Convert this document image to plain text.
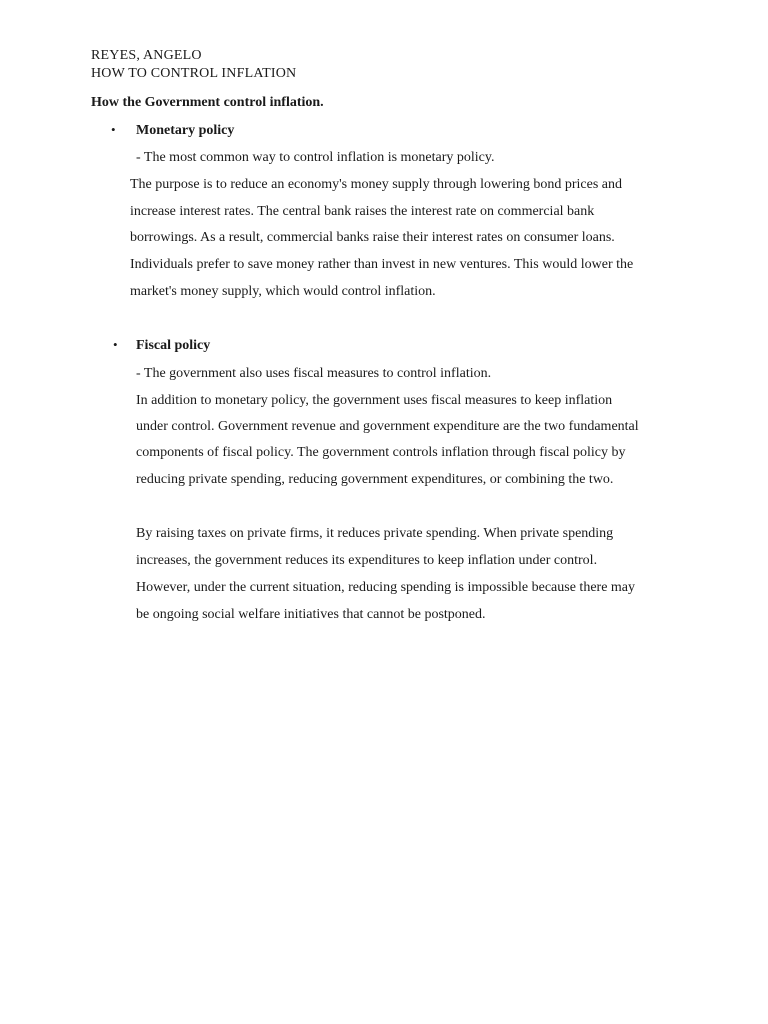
REYES, ANGELO
HOW TO CONTROL INFLATION
How the Government control inflation.
• Monetary policy
- The most common way to control inflation is monetary policy.
The purpose is to reduce an economy's money supply through lowering bond prices and
increase interest rates. The central bank raises the interest rate on commercial bank
borrowings. As a result, commercial banks raise their interest rates on consumer loans.
Individuals prefer to save money rather than invest in new ventures. This would lower the
market's money supply, which would control inflation.
• Fiscal policy
- The government also uses fiscal measures to control inflation.
In addition to monetary policy, the government uses fiscal measures to keep inflation
under control. Government revenue and government expenditure are the two fundamental
components of fiscal policy. The government controls inflation through fiscal policy by
reducing private spending, reducing government expenditures, or combining the two.
By raising taxes on private firms, it reduces private spending. When private spending
increases, the government reduces its expenditures to keep inflation under control.
However, under the current situation, reducing spending is impossible because there may
be ongoing social welfare initiatives that cannot be postponed.
